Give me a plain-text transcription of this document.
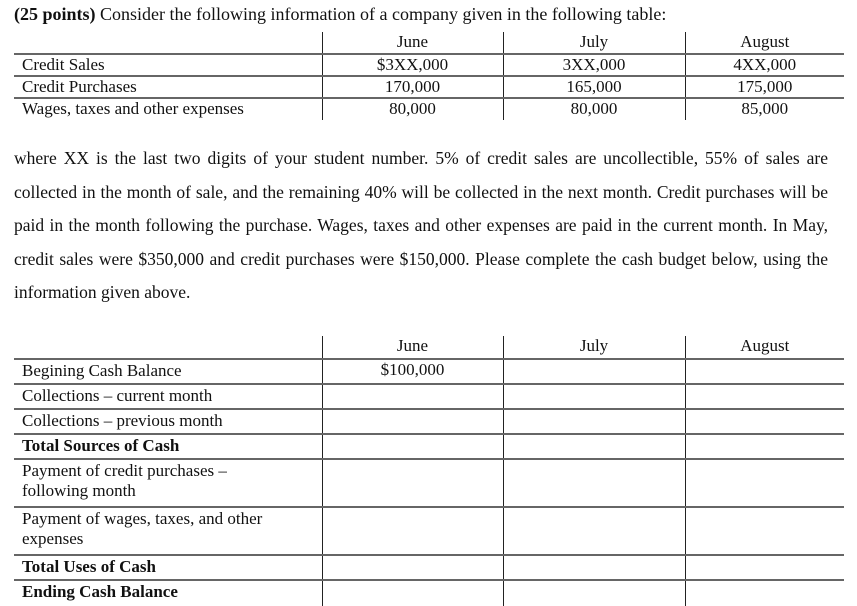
(25 points) Consider the following information of a company given in the following table:
	June	July	August
Credit Sales	$3XX,000	3XX,000	4XX,000
Credit Purchases	170,000	165,000	175,000
Wages, taxes and other expenses	80,000	80,000	85,000
where XX is the last two digits of your student number. 5% of credit sales are uncollectible, 55% of sales are collected in the month of sale, and the remaining 40% will be collected in the next month. Credit purchases will be paid in the month following the purchase. Wages, taxes and other expenses are paid in the current month. In May, credit sales were $350,000 and credit purchases were $150,000. Please complete the cash budget below, using the information given above.
	June	July	August
Begining Cash Balance	$100,000		
Collections – current month			
Collections – previous month			
Total Sources of Cash			
Payment of credit purchases – following month			
Payment of wages, taxes, and other expenses			
Total Uses of Cash			
Ending Cash Balance			
